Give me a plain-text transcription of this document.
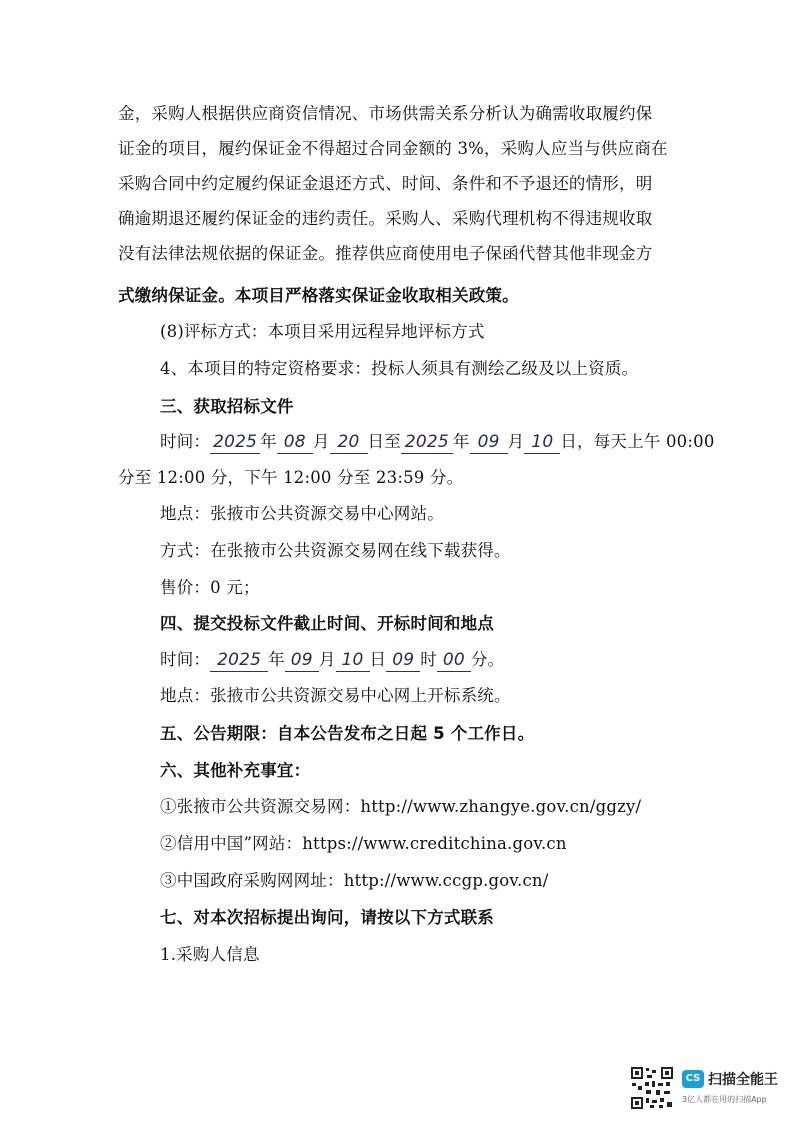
金，采购人根据供应商资信情况、市场供需关系分析认为确需收取履约保
证金的项目，履约保证金不得超过合同金额的 3%，采购人应当与供应商在
采购合同中约定履约保证金退还方式、时间、条件和不予退还的情形，明
确逾期退还履约保证金的违约责任。采购人、采购代理机构不得违规收取
没有法律法规依据的保证金。推荐供应商使用电子保函代替其他非现金方
式缴纳保证金。本项目严格落实保证金收取相关政策。
(8)评标方式：本项目采用远程异地评标方式
4、本项目的特定资格要求：投标人须具有测绘乙级及以上资质。
三、获取招标文件
时间： 2025 年 08 月 20 日至 2025 年 09 月 10 日，每天上午 00:00
分至 12:00 分，下午 12:00 分至 23:59 分。
地点：张掖市公共资源交易中心网站。
方式：在张掖市公共资源交易网在线下载获得。
售价：0 元；
四、提交投标文件截止时间、开标时间和地点
时间： 2025 年 09 月 10 日 09 时 00 分。
地点：张掖市公共资源交易中心网上开标系统。
五、公告期限：自本公告发布之日起 5 个工作日。
六、其他补充事宜：
①张掖市公共资源交易网：http://www.zhangye.gov.cn/ggzy/
②信用中国”网站：https://www.creditchina.gov.cn
③中国政府采购网网址：http://www.ccgp.gov.cn/
七、对本次招标提出询问，请按以下方式联系
1.采购人信息
CS 扫描全能王
3亿人都在用的扫描App
